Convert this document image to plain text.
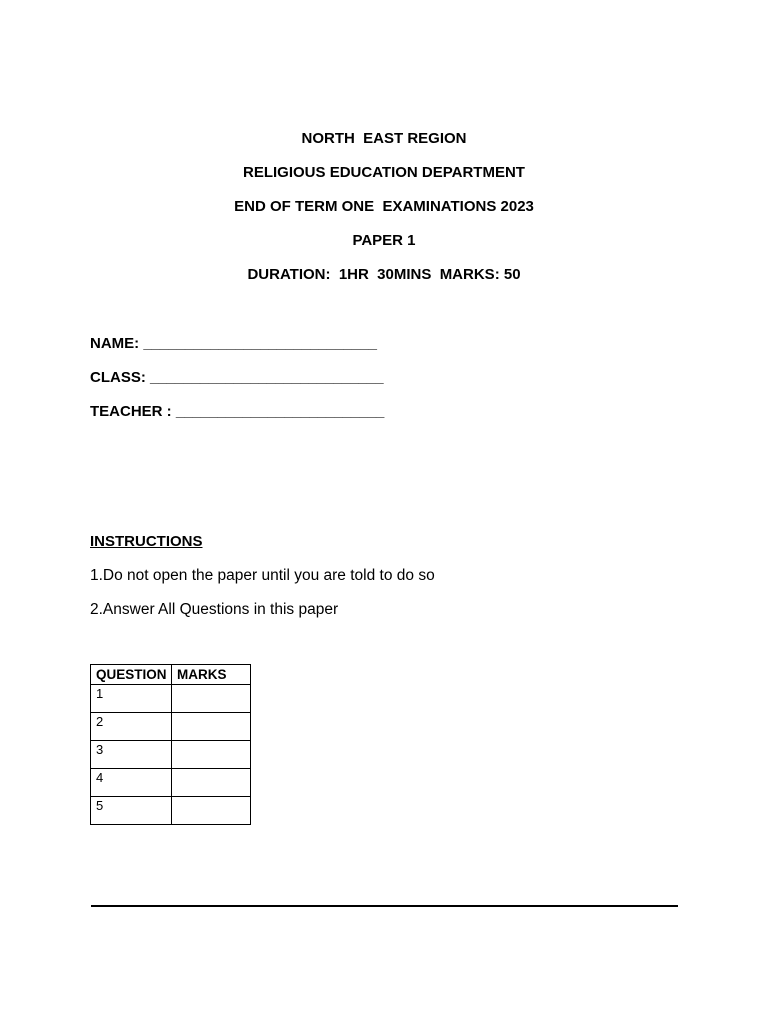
NORTH  EAST REGION
RELIGIOUS EDUCATION DEPARTMENT
END OF TERM ONE  EXAMINATIONS 2023
PAPER 1
DURATION:  1HR  30MINS  MARKS: 50
NAME: ____________________________
CLASS: ____________________________
TEACHER : _________________________
INSTRUCTIONS
1.Do not open the paper until you are told to do so
2.Answer All Questions in this paper
QUESTION	MARKS
1	
2	
3	
4	
5	
